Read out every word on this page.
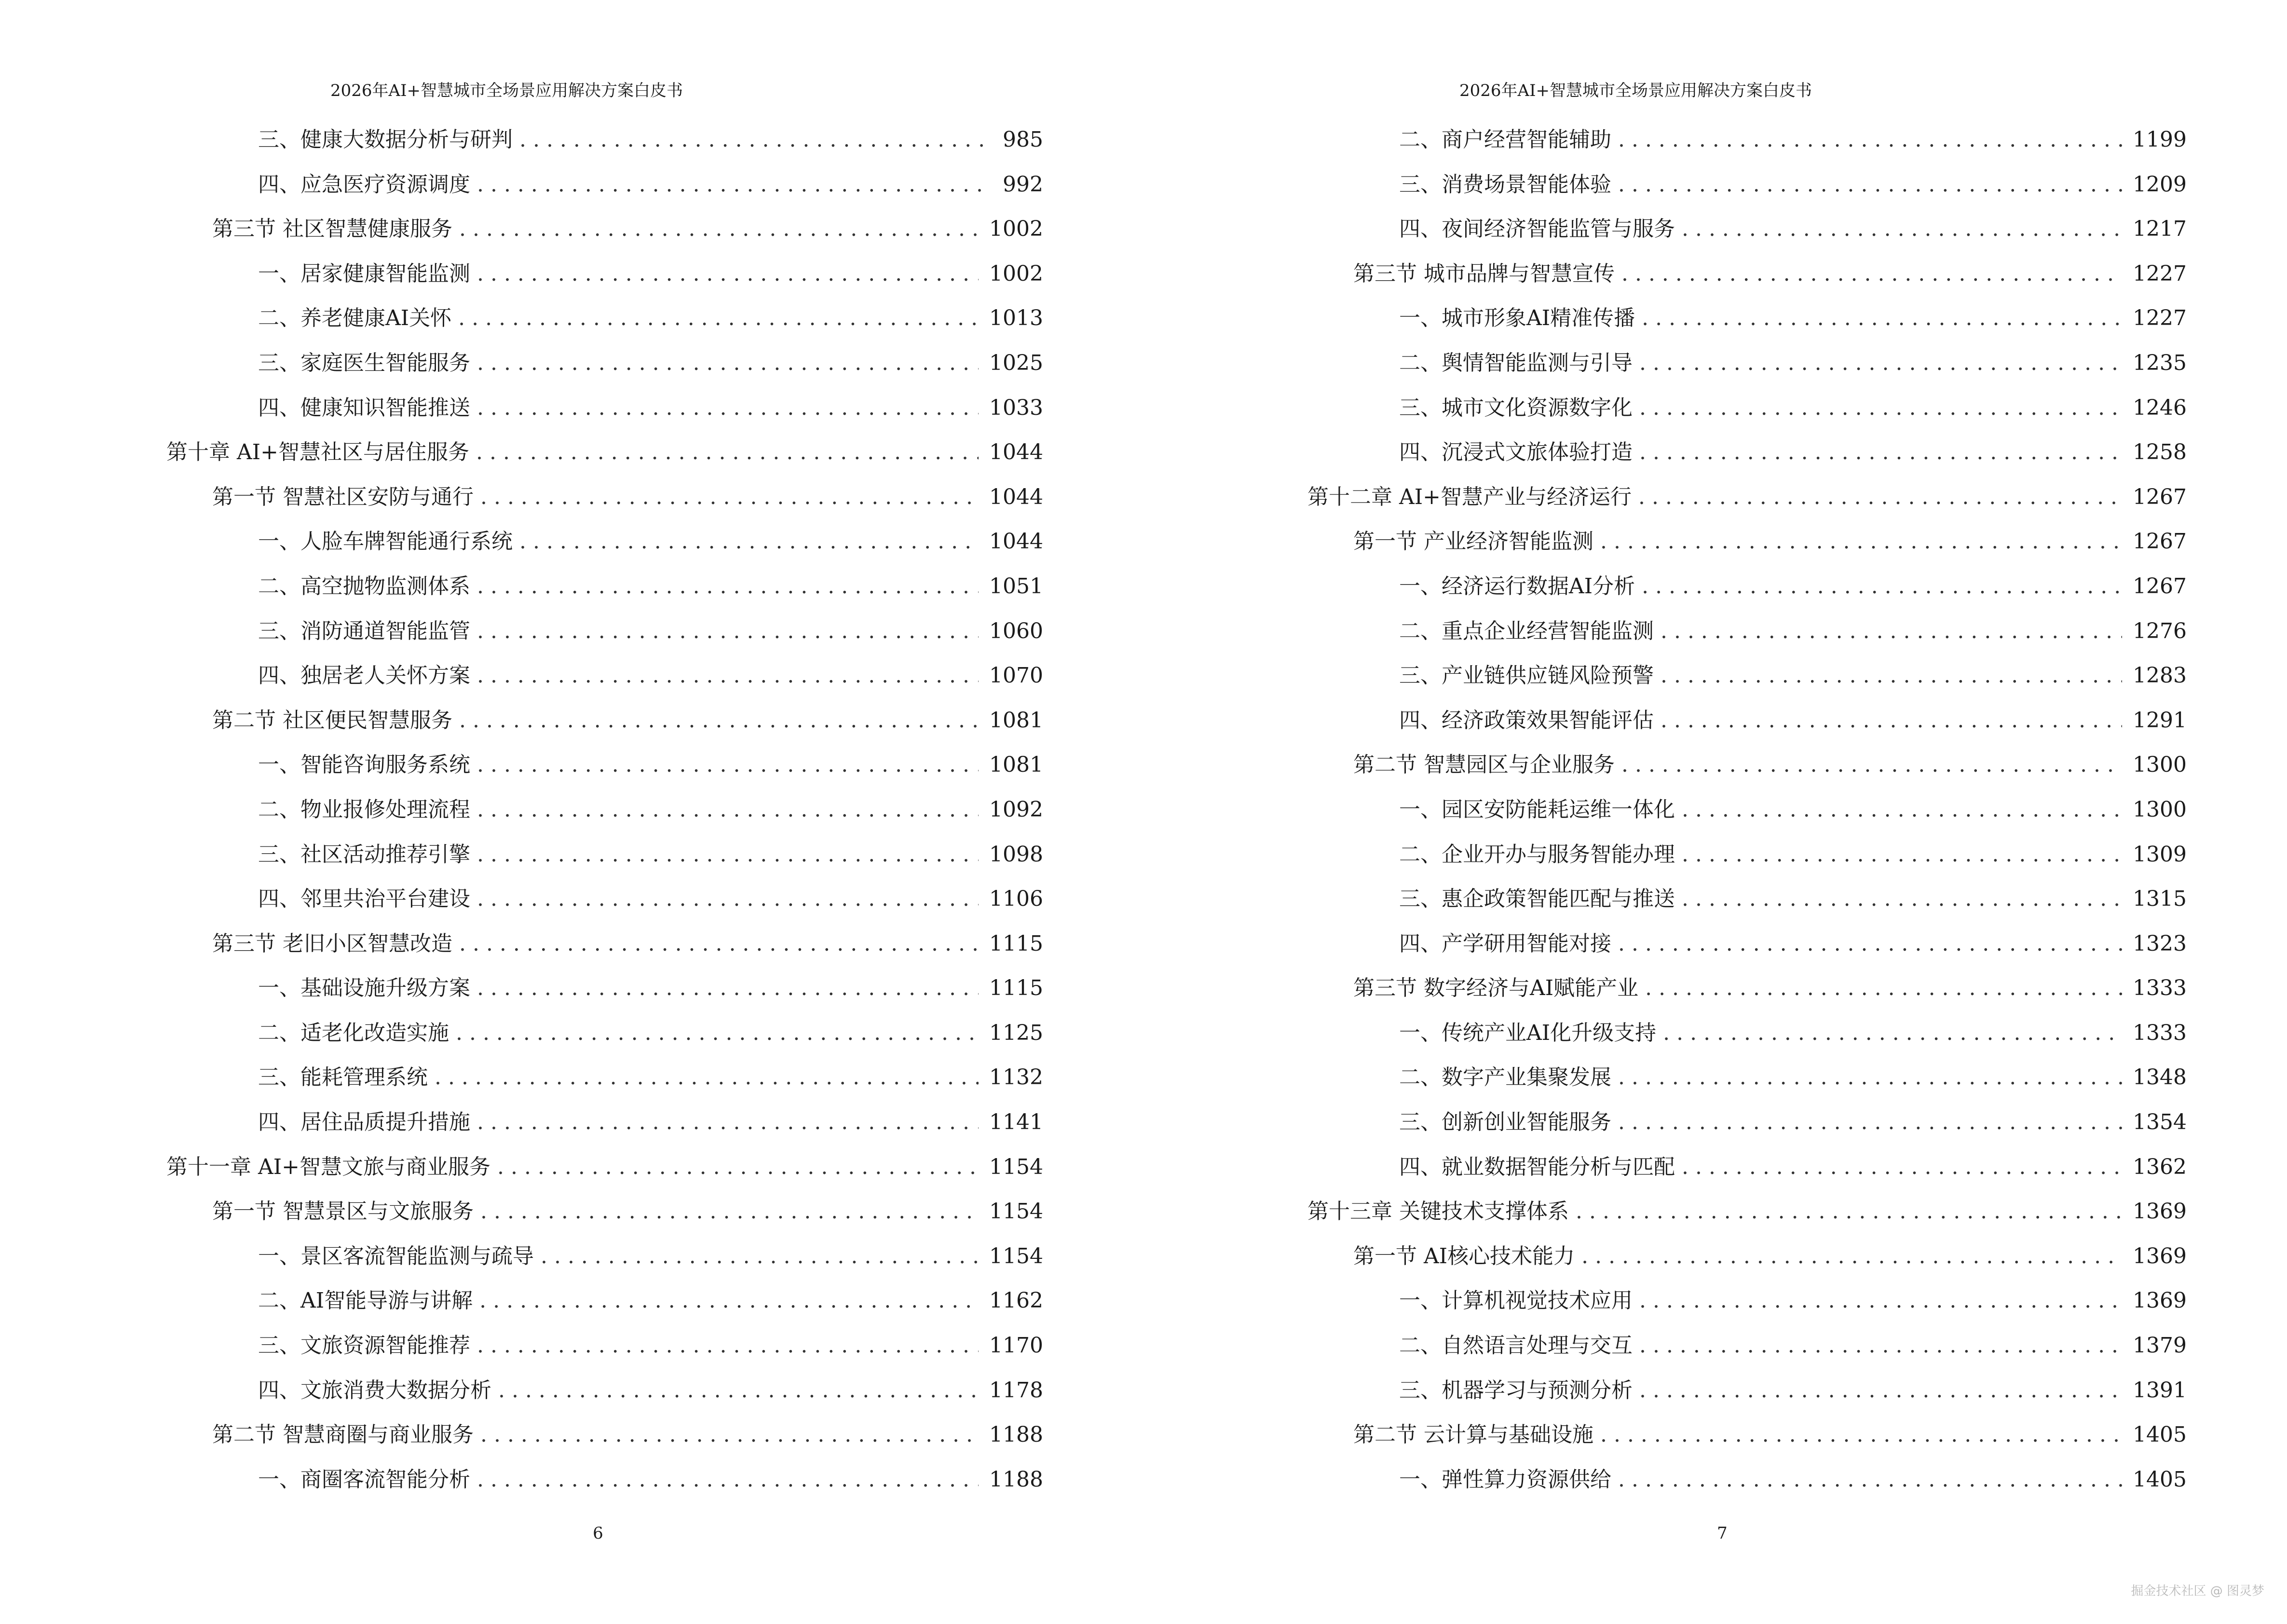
2026年AI+智慧城市全场景应用解决方案白皮书
三、健康大数据分析与研判 . . .	985
四、应急医疗资源调度 . . .	992
第三节 社区智慧健康服务 . . .	1002
一、居家健康智能监测 . . .	1002
二、养老健康AI关怀 . . .	1013
三、家庭医生智能服务 . . .	1025
四、健康知识智能推送 . . .	1033
第十章 AI+智慧社区与居住服务 . . .	1044
第一节 智慧社区安防与通行 . . .	1044
一、人脸车牌智能通行系统 . . .	1044
二、高空抛物监测体系 . . .	1051
三、消防通道智能监管 . . .	1060
四、独居老人关怀方案 . . .	1070
第二节 社区便民智慧服务 . . .	1081
一、智能咨询服务系统 . . .	1081
二、物业报修处理流程 . . .	1092
三、社区活动推荐引擎 . . .	1098
四、邻里共治平台建设 . . .	1106
第三节 老旧小区智慧改造 . . .	1115
一、基础设施升级方案 . . .	1115
二、适老化改造实施 . . .	1125
三、能耗管理系统 . . .	1132
四、居住品质提升措施 . . .	1141
第十一章 AI+智慧文旅与商业服务 . . .	1154
第一节 智慧景区与文旅服务 . . .	1154
一、景区客流智能监测与疏导 . . .	1154
二、AI智能导游与讲解 . . .	1162
三、文旅资源智能推荐 . . .	1170
四、文旅消费大数据分析 . . .	1178
第二节 智慧商圈与商业服务 . . .	1188
一、商圈客流智能分析 . . .	1188
6
2026年AI+智慧城市全场景应用解决方案白皮书
二、商户经营智能辅助 . . .	1199
三、消费场景智能体验 . . .	1209
四、夜间经济智能监管与服务 . . .	1217
第三节 城市品牌与智慧宣传 . . .	1227
一、城市形象AI精准传播 . . .	1227
二、舆情智能监测与引导 . . .	1235
三、城市文化资源数字化 . . .	1246
四、沉浸式文旅体验打造 . . .	1258
第十二章 AI+智慧产业与经济运行 . . .	1267
第一节 产业经济智能监测 . . .	1267
一、经济运行数据AI分析 . . .	1267
二、重点企业经营智能监测 . . .	1276
三、产业链供应链风险预警 . . .	1283
四、经济政策效果智能评估 . . .	1291
第二节 智慧园区与企业服务 . . .	1300
一、园区安防能耗运维一体化 . . .	1300
二、企业开办与服务智能办理 . . .	1309
三、惠企政策智能匹配与推送 . . .	1315
四、产学研用智能对接 . . .	1323
第三节 数字经济与AI赋能产业 . . .	1333
一、传统产业AI化升级支持 . . .	1333
二、数字产业集聚发展 . . .	1348
三、创新创业智能服务 . . .	1354
四、就业数据智能分析与匹配 . . .	1362
第十三章 关键技术支撑体系 . . .	1369
第一节 AI核心技术能力 . . .	1369
一、计算机视觉技术应用 . . .	1369
二、自然语言处理与交互 . . .	1379
三、机器学习与预测分析 . . .	1391
第二节 云计算与基础设施 . . .	1405
一、弹性算力资源供给 . . .	1405
7
掘金技术社区 @ 图灵梦
